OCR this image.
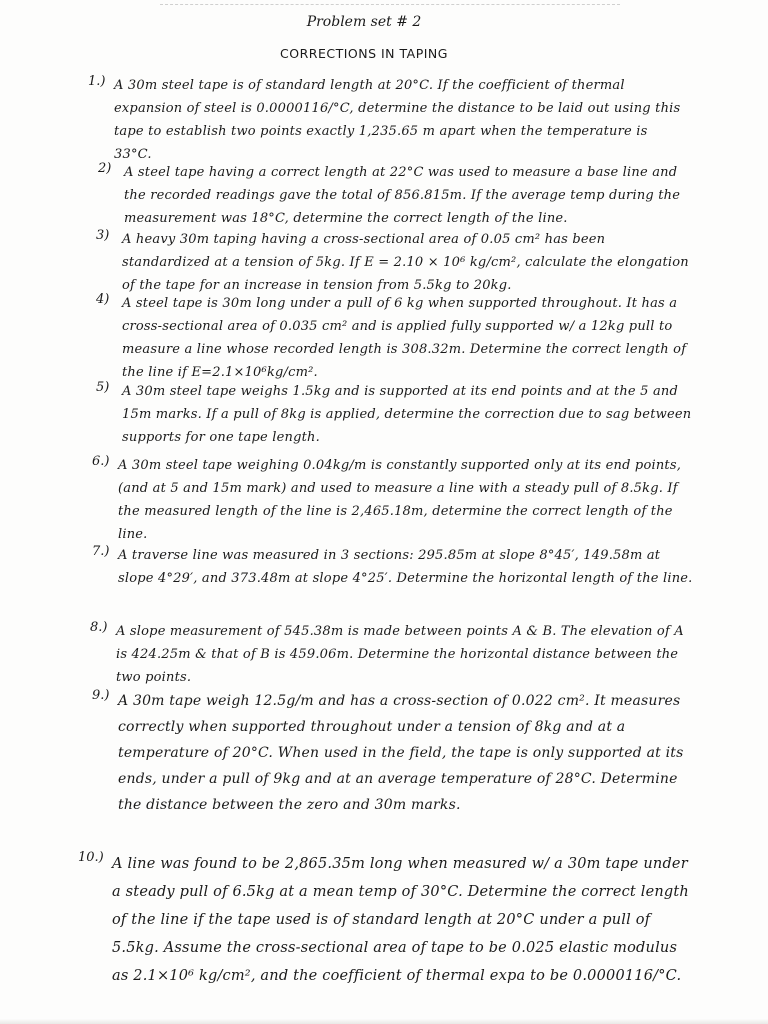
Problem set # 2
CORRECTIONS IN TAPING
1.) A 30m steel tape is of standard length at 20°C. If the coefficient of thermal expansion of steel is 0.0000116/°C, determine the distance to be laid out using this tape to establish two points exactly 1,235.65 m apart when the temperature is 33°C.
2) A steel tape having a correct length at 22°C was used to measure a base line and the recorded readings gave the total of 856.815m. If the average temp during the measurement was 18°C, determine the correct length of the line.
3) A heavy 30m taping having a cross-sectional area of 0.05 cm² has been standardized at a tension of 5kg. If E = 2.10 × 10⁶ kg/cm², calculate the elongation of the tape for an increase in tension from 5.5kg to 20kg.
4) A steel tape is 30m long under a pull of 6 kg when supported throughout. It has a cross-sectional area of 0.035 cm² and is applied fully supported w/ a 12kg pull to measure a line whose recorded length is 308.32m. Determine the correct length of the line if E=2.1×10⁶kg/cm².
5) A 30m steel tape weighs 1.5kg and is supported at its end points and at the 5 and 15m marks. If a pull of 8kg is applied, determine the correction due to sag between supports for one tape length.
6.) A 30m steel tape weighing 0.04kg/m is constantly supported only at its end points, (and at 5 and 15m mark) and used to measure a line with a steady pull of 8.5kg. If the measured length of the line is 2,465.18m, determine the correct length of the line.
7.) A traverse line was measured in 3 sections: 295.85m at slope 8°45′, 149.58m at slope 4°29′, and 373.48m at slope 4°25′. Determine the horizontal length of the line.
8.) A slope measurement of 545.38m is made between points A & B. The elevation of A is 424.25m & that of B is 459.06m. Determine the horizontal distance between the two points.
9.) A 30m tape weigh 12.5g/m and has a cross-section of 0.022 cm². It measures correctly when supported throughout under a tension of 8kg and at a temperature of 20°C. When used in the field, the tape is only supported at its ends, under a pull of 9kg and at an average temperature of 28°C. Determine the distance between the zero and 30m marks.
10.) A line was found to be 2,865.35m long when measured w/ a 30m tape under a steady pull of 6.5kg at a mean temp of 30°C. Determine the correct length of the line if the tape used is of standard length at 20°C under a pull of 5.5kg. Assume the cross-sectional area of tape to be 0.025 elastic modulus as 2.1×10⁶ kg/cm², and the coefficient of thermal expa to be 0.0000116/°C.
